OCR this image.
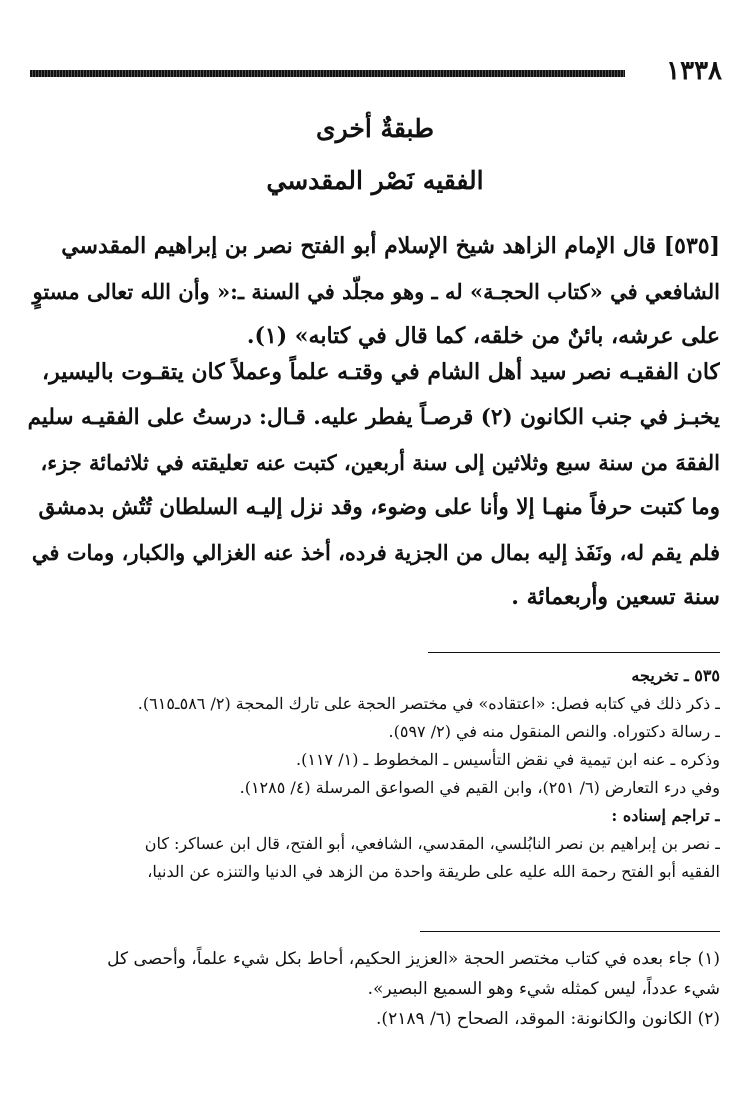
١٣٣٨
طبقةٌ أخرى
الفقيه نَصْر المقدسي
[٥٣٥] قال الإمام الزاهد شيخ الإسلام أبو الفتح نصر بن إبراهيم المقدسي
الشافعي في «كتاب الحجـة» له ـ وهو مجلّد في السنة ـ:« وأن الله تعالى مستوٍ
على عرشه، بائنٌ من خلقه، كما قال في كتابه» (١).
كان الفقيـه نصر سيد أهل الشام في وقتـه علماً وعملاً كان يتقـوت باليسير،
يخبـز في جنب الكانون (٢) قرصـاً يفطر عليه. قـال: درستُ على الفقيـه سليم
الفقهَ من سنة سبع وثلاثين إلى سنة أربعين، كتبت عنه تعليقته في ثلاثمائة جزء،
وما كتبت حرفاً منهـا إلا وأنا على وضوء، وقد نزل إليـه السلطان تُتُش بدمشق
فلم يقم له، ونَفَذ إليه بمال من الجزية فرده، أخذ عنه الغزالي والكبار، ومات في
سنة تسعين وأربعمائة .
٥٣٥ ـ تخريجه
ـ ذكر ذلك في كتابه فصل: «اعتقاده» في مختصر الحجة على تارك المحجة (٢/ ٥٨٦ـ٦١٥).
ـ رسالة دكتوراه. والنص المنقول منه في (٢/ ٥٩٧).
وذكره ـ عنه ابن تيمية في نقض التأسيس ـ المخطوط ـ (١/ ١١٧).
وفي درء التعارض (٦/ ٢٥١)، وابن القيم في الصواعق المرسلة (٤/ ١٢٨٥).
ـ تراجم إسناده :
ـ نصر بن إبراهيم بن نصر النابُلسي، المقدسي، الشافعي، أبو الفتح، قال ابن عساكر: كان
الفقيه أبو الفتح رحمة الله عليه على طريقة واحدة من الزهد في الدنيا والتنزه عن الدنيا،
(١) جاء بعده في كتاب مختصر الحجة «العزيز الحكيم، أحاط بكل شيء علماً، وأحصى كل
شيء عدداً، ليس كمثله شيء وهو السميع البصير».
(٢) الكانون والكانونة: الموقد، الصحاح (٦/ ٢١٨٩).
